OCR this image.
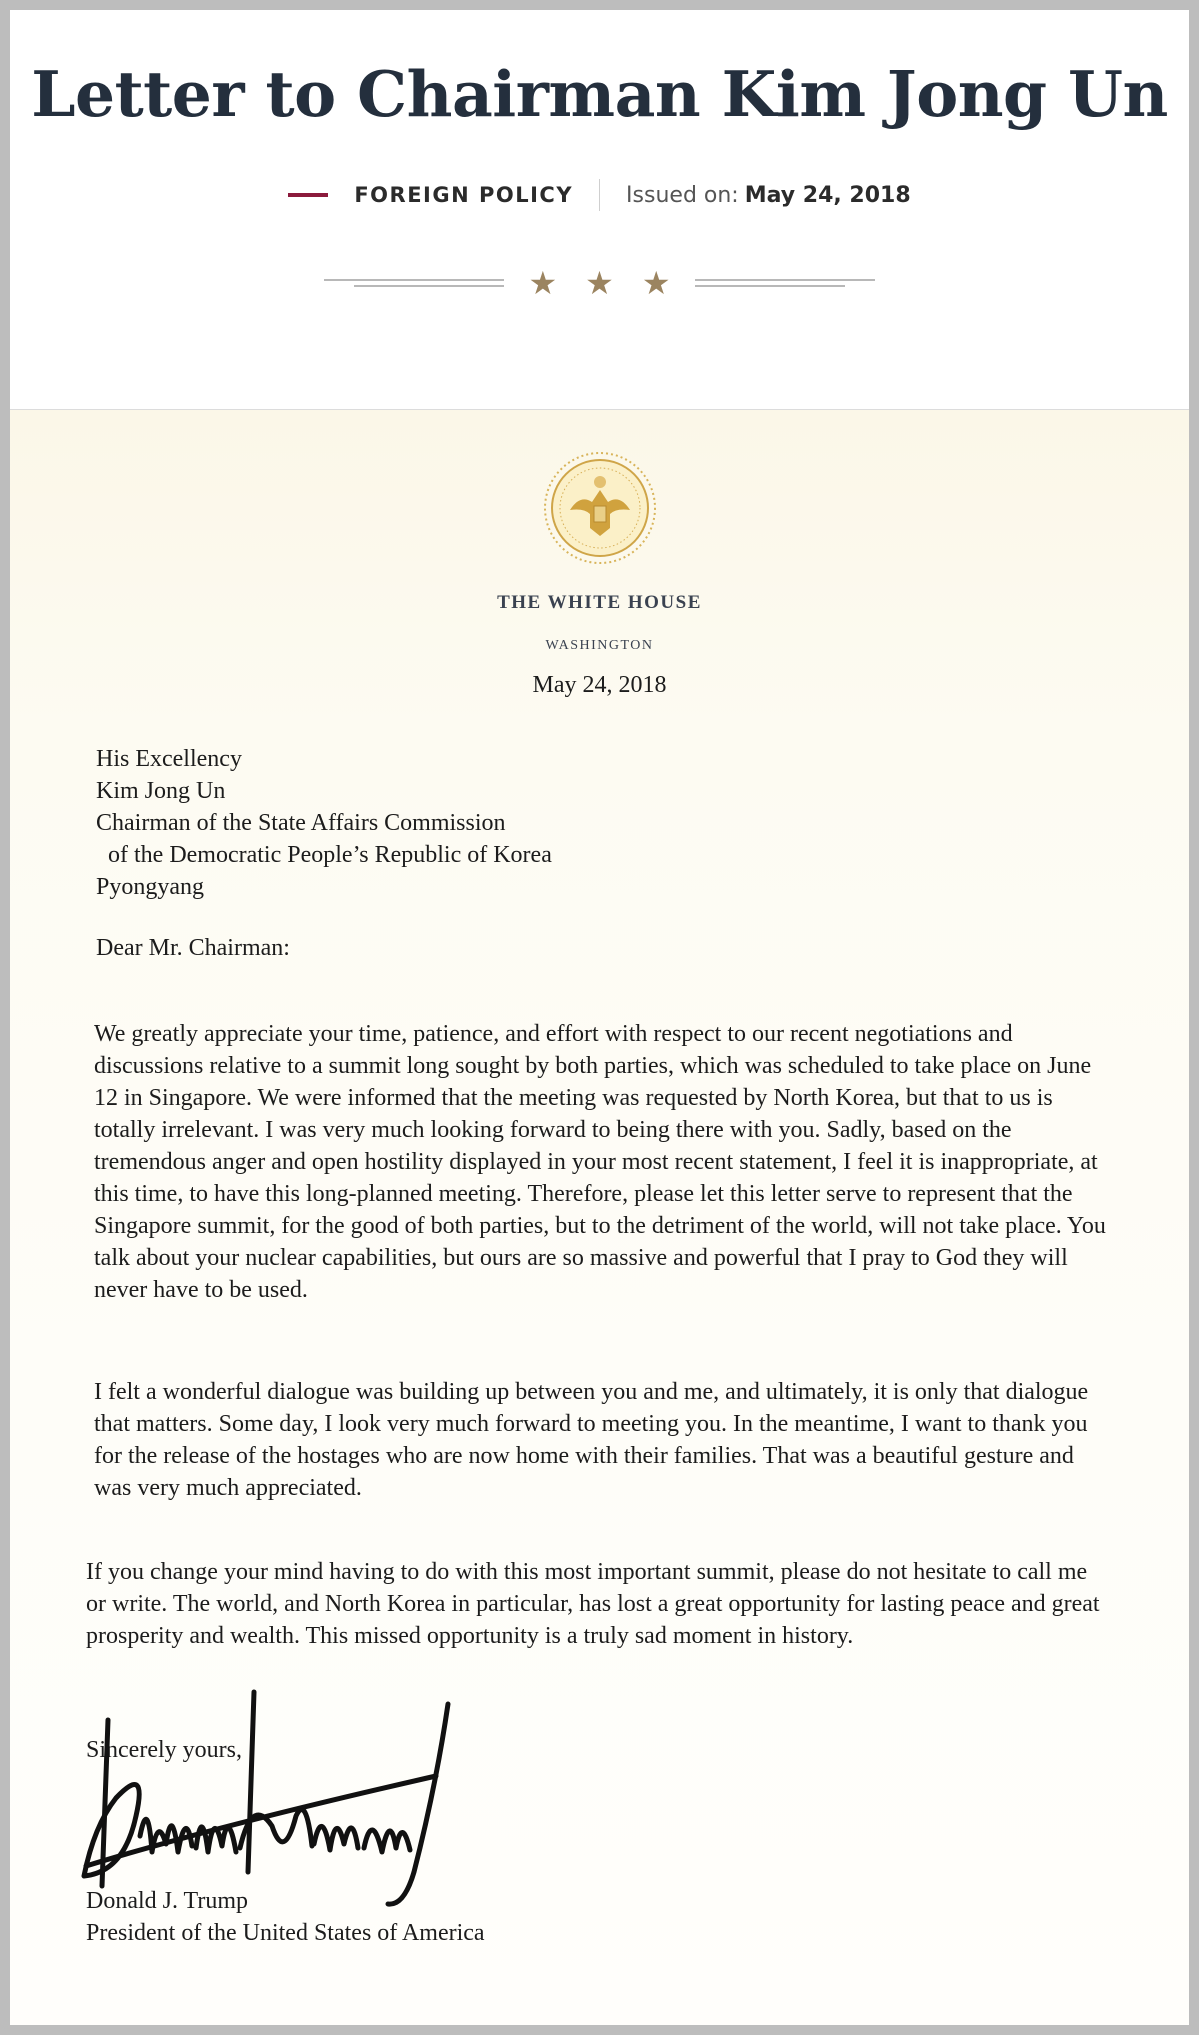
Letter to Chairman Kim Jong Un
FOREIGN POLICY Issued on: May 24, 2018
★ ★ ★
THE WHITE HOUSE
WASHINGTON
May 24, 2018
His Excellency
Kim Jong Un
Chairman of the State Affairs Commission
of the Democratic People’s Republic of Korea
Pyongyang
Dear Mr. Chairman:

We greatly appreciate your time, patience, and effort with respect to our recent negotiations and discussions relative to a summit long sought by both parties, which was scheduled to take place on June 12 in Singapore. We were informed that the meeting was requested by North Korea, but that to us is totally irrelevant. I was very much looking forward to being there with you. Sadly, based on the tremendous anger and open hostility displayed in your most recent statement, I feel it is inappropriate, at this time, to have this long-planned meeting. Therefore, please let this letter serve to represent that the Singapore summit, for the good of both parties, but to the detriment of the world, will not take place. You talk about your nuclear capabilities, but ours are so massive and powerful that I pray to God they will never have to be used.

I felt a wonderful dialogue was building up between you and me, and ultimately, it is only that dialogue that matters. Some day, I look very much forward to meeting you. In the meantime, I want to thank you for the release of the hostages who are now home with their families. That was a beautiful gesture and was very much appreciated.

If you change your mind having to do with this most important summit, please do not hesitate to call me or write. The world, and North Korea in particular, has lost a great opportunity for lasting peace and great prosperity and wealth. This missed opportunity is a truly sad moment in history.

Sincerely yours,
Donald J. Trump
President of the United States of America
